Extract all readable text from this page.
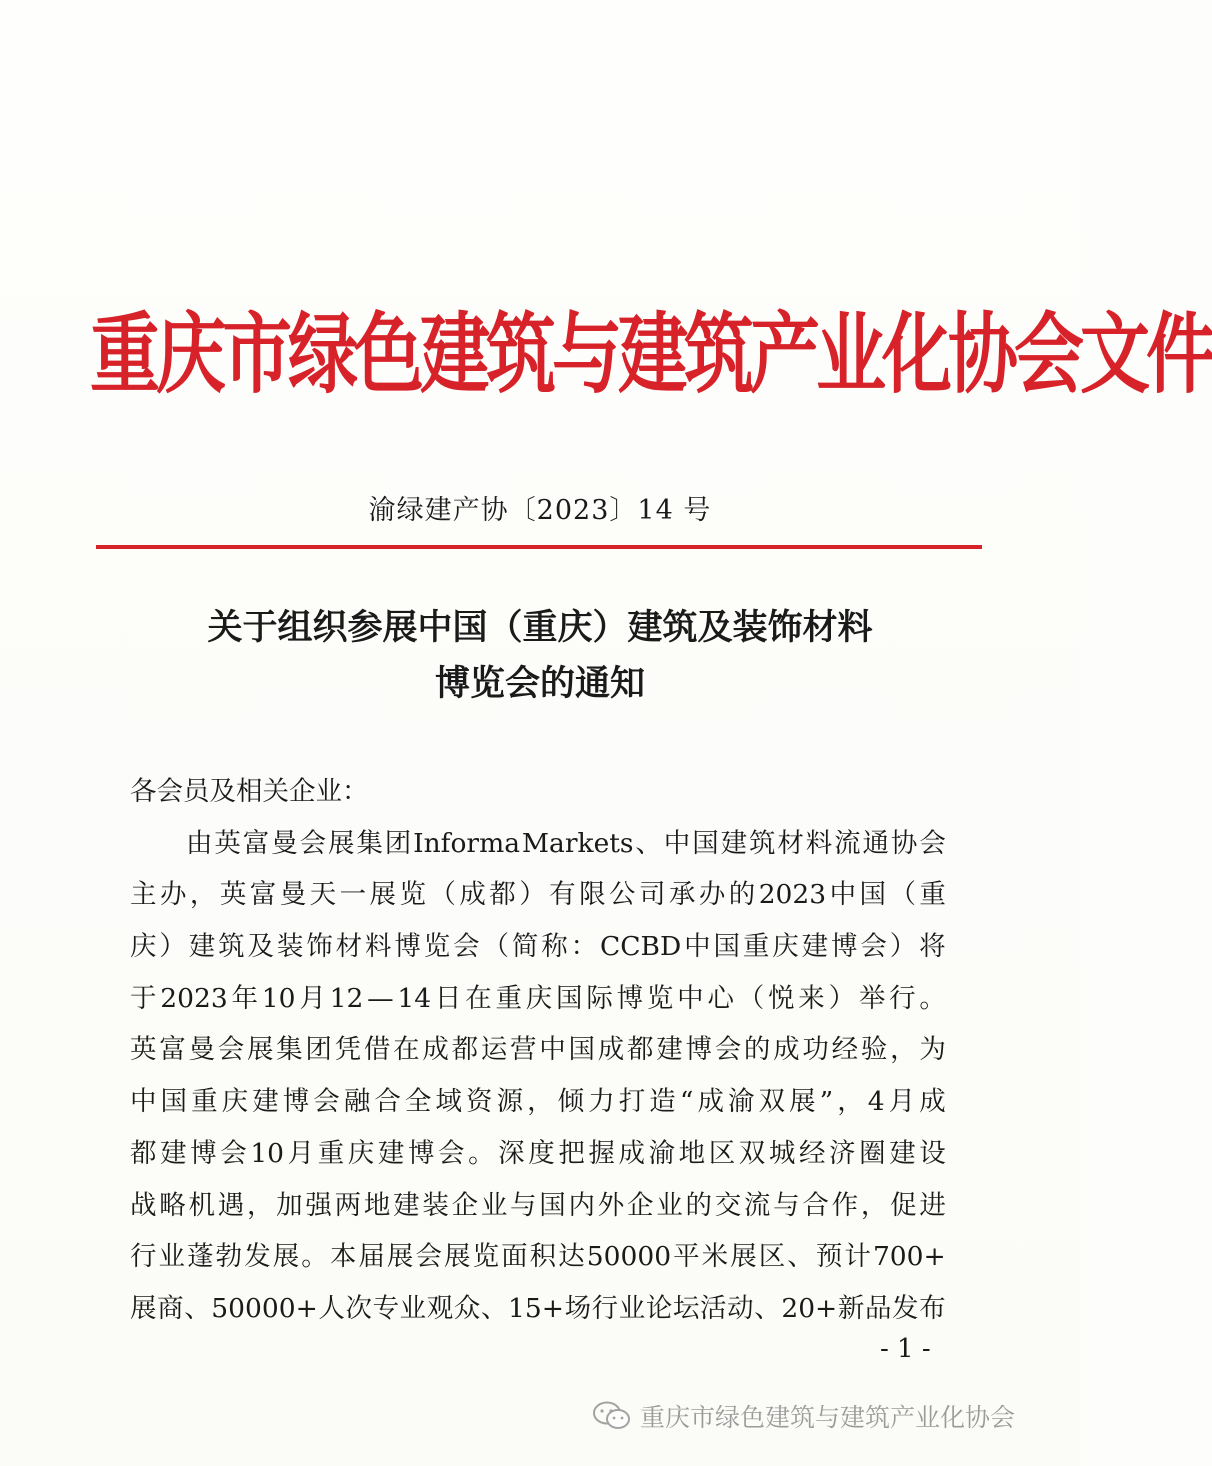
重庆市绿色建筑与建筑产业化协会文件
渝绿建产协〔2023〕14 号
关于组织参展中国（重庆）建筑及装饰材料
博览会的通知
各会员及相关企业：
由 英 富 曼 会 展 集 团 Informa Markets 、 中 国 建 筑 材 料 流 通 协 会
主 办 ， 英 富 曼 天 一 展 览 （ 成 都 ） 有 限 公 司 承 办 的 2023 中 国 （ 重
庆 ） 建 筑 及 装 饰 材 料 博 览 会 （ 简 称 ： CCBD 中 国 重 庆 建 博 会 ） 将
于 2023 年 10 月 12 — 14 日 在 重 庆 国 际 博 览 中 心 （ 悦 来 ） 举 行 。
英 富 曼 会 展 集 团 凭 借 在 成 都 运 营 中 国 成 都 建 博 会 的 成 功 经 验 ， 为
中 国 重 庆 建 博 会 融 合 全 域 资 源 ， 倾 力 打 造 “ 成 渝 双 展 ” ， 4 月 成
都 建 博 会 10 月 重 庆 建 博 会 。 深 度 把 握 成 渝 地 区 双 城 经 济 圈 建 设
战 略 机 遇 ， 加 强 两 地 建 装 企 业 与 国 内 外 企 业 的 交 流 与 合 作 ， 促 进
行 业 蓬 勃 发 展 。 本 届 展 会 展 览 面 积 达 50000 平 米 展 区 、 预 计 700+
展 商 、 50000+ 人 次 专 业 观 众 、 15+ 场 行 业 论 坛 活 动 、 20+ 新 品 发 布
- 1 -
重庆市绿色建筑与建筑产业化协会
